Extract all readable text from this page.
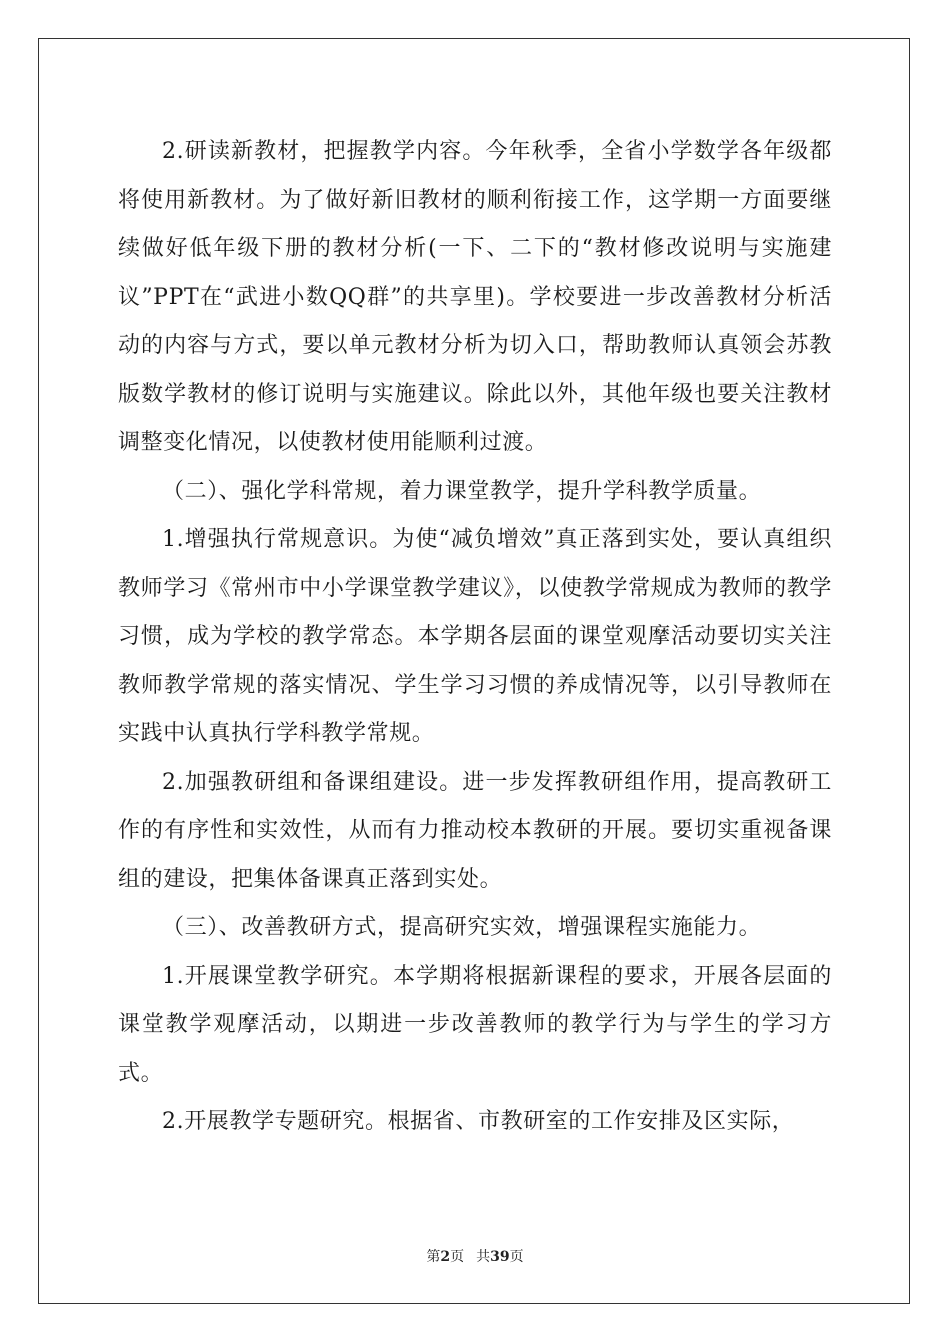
2.研读新教材，把握教学内容。今年秋季，全省小学数学各年级都将使用新教材。为了做好新旧教材的顺利衔接工作，这学期一方面要继续做好低年级下册的教材分析(一下、二下的“教材修改说明与实施建议”PPT在“武进小数QQ群”的共享里)。学校要进一步改善教材分析活动的内容与方式，要以单元教材分析为切入口，帮助教师认真领会苏教版数学教材的修订说明与实施建议。除此以外，其他年级也要关注教材调整变化情况，以使教材使用能顺利过渡。

（二）、强化学科常规，着力课堂教学，提升学科教学质量。

1.增强执行常规意识。为使“减负增效”真正落到实处，要认真组织教师学习《常州市中小学课堂教学建议》，以使教学常规成为教师的教学习惯，成为学校的教学常态。本学期各层面的课堂观摩活动要切实关注教师教学常规的落实情况、学生学习习惯的养成情况等，以引导教师在实践中认真执行学科教学常规。

2.加强教研组和备课组建设。进一步发挥教研组作用，提高教研工作的有序性和实效性，从而有力推动校本教研的开展。要切实重视备课组的建设，把集体备课真正落到实处。

（三）、改善教研方式，提高研究实效，增强课程实施能力。

1.开展课堂教学研究。本学期将根据新课程的要求，开展各层面的课堂教学观摩活动，以期进一步改善教师的教学行为与学生的学习方式。

2.开展教学专题研究。根据省、市教研室的工作安排及区实际，

第2页 共39页
